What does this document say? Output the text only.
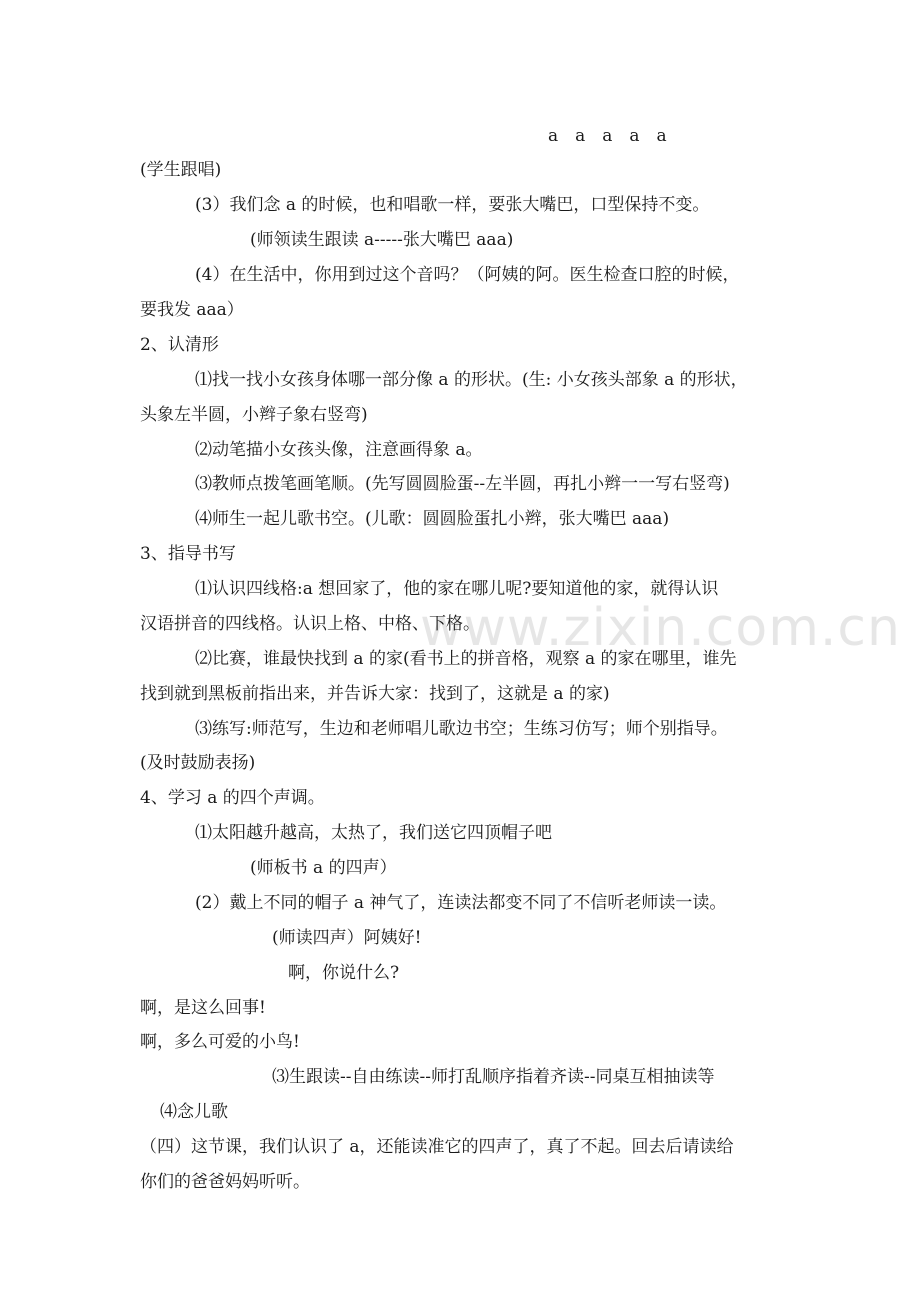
www.zixin.com.cn
a　a　a　a　a
(学生跟唱)
(3）我们念 a 的时候，也和唱歌一样，要张大嘴巴，口型保持不变。
(师领读生跟读 a-----张大嘴巴 aaa)
(4）在生活中，你用到过这个音吗？（阿姨的阿。医生检查口腔的时候，
要我发 aaa）
2、认清形
⑴找一找小女孩身体哪一部分像 a 的形状。(生: 小女孩头部象 a 的形状，
头象左半圆，小辫子象右竖弯)
⑵动笔描小女孩头像，注意画得象 a。
⑶教师点拨笔画笔顺。(先写圆圆脸蛋--左半圆，再扎小辫一一写右竖弯)
⑷师生一起儿歌书空。(儿歌：圆圆脸蛋扎小辫，张大嘴巴 aaa)
3、指导书写
⑴认识四线格:a 想回家了，他的家在哪儿呢?要知道他的家，就得认识
汉语拼音的四线格。认识上格、中格、下格。
⑵比赛，谁最快找到 a 的家(看书上的拼音格，观察 a 的家在哪里，谁先
找到就到黑板前指出来，并告诉大家：找到了，这就是 a 的家)
⑶练写:师范写，生边和老师唱儿歌边书空；生练习仿写；师个别指导。
(及时鼓励表扬)
4、学习 a 的四个声调。
⑴太阳越升越高，太热了，我们送它四顶帽子吧
(师板书 a 的四声）
(2）戴上不同的帽子 a 神气了，连读法都变不同了不信听老师读一读。
(师读四声）阿姨好!
啊，你说什么?
啊，是这么回事!
啊，多么可爱的小鸟!
⑶生跟读--自由练读--师打乱顺序指着齐读--同桌互相抽读等
⑷念儿歌
（四）这节课，我们认识了 a，还能读准它的四声了，真了不起。回去后请读给
你们的爸爸妈妈听听。
